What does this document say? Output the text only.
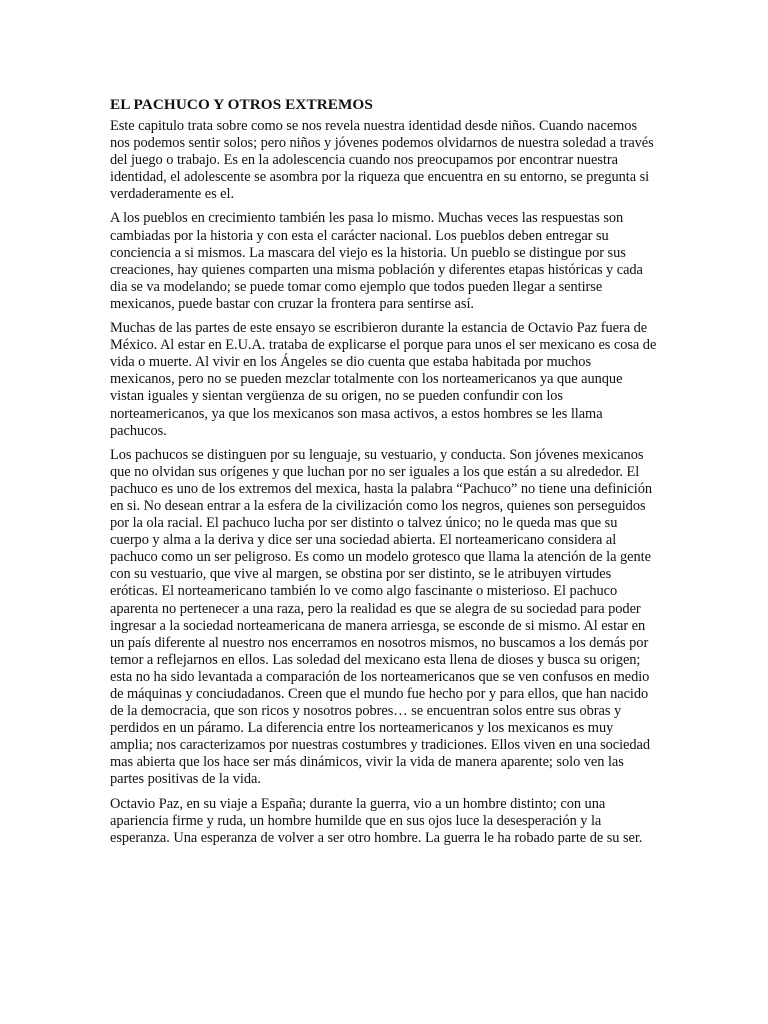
EL PACHUCO Y OTROS EXTREMOS

Este capitulo trata sobre como se nos revela nuestra identidad desde niños. Cuando nacemos nos podemos sentir solos; pero niños y jóvenes podemos olvidarnos de nuestra soledad a través del juego o trabajo. Es en la adolescencia cuando nos preocupamos por encontrar nuestra identidad, el adolescente se asombra por la riqueza que encuentra en su entorno, se pregunta si verdaderamente es el.

A los pueblos en crecimiento también les pasa lo mismo. Muchas veces las respuestas son cambiadas por la historia y con esta el carácter nacional. Los pueblos deben entregar su conciencia a si mismos. La mascara del viejo es la historia. Un pueblo se distingue por sus creaciones, hay quienes comparten una misma población y diferentes etapas históricas y cada dia se va modelando; se puede tomar como ejemplo que todos pueden llegar a sentirse mexicanos, puede bastar con cruzar la frontera para sentirse así.

Muchas de las partes de este ensayo se escribieron durante la estancia de Octavio Paz fuera de México. Al estar en E.U.A. trataba de explicarse el porque para unos el ser mexicano es cosa de vida o muerte. Al vivir en los Ángeles se dio cuenta que estaba habitada por muchos mexicanos, pero no se pueden mezclar totalmente con los norteamericanos ya que aunque vistan iguales y sientan vergüenza de su origen, no se pueden confundir con los norteamericanos, ya que los mexicanos son masa activos, a estos hombres se les llama pachucos.

Los pachucos se distinguen por su lenguaje, su vestuario, y conducta. Son jóvenes mexicanos que no olvidan sus orígenes y que luchan por no ser iguales a los que están a su alrededor. El pachuco es uno de los extremos del mexica, hasta la palabra “Pachuco” no tiene una definición en si. No desean entrar a la esfera de la civilización como los negros, quienes son perseguidos por la ola racial. El pachuco lucha por ser distinto o talvez único; no le queda mas que su cuerpo y alma a la deriva y dice ser una sociedad abierta. El norteamericano considera al pachuco como un ser peligroso. Es como un modelo grotesco que llama la atención de la gente con su vestuario, que vive al margen, se obstina por ser distinto, se le atribuyen virtudes eróticas. El norteamericano también lo ve como algo fascinante o misterioso. El pachuco aparenta no pertenecer a una raza, pero la realidad es que se alegra de su sociedad para poder ingresar a la sociedad norteamericana de manera arriesga, se esconde de si mismo. Al estar en un país diferente al nuestro nos encerramos en nosotros mismos, no buscamos a los demás por temor a reflejarnos en ellos. Las soledad del mexicano esta llena de dioses y busca su origen; esta no ha sido levantada a comparación de los norteamericanos que se ven confusos en medio de máquinas y conciudadanos. Creen que el mundo fue hecho por y para ellos, que han nacido de la democracia, que son ricos y nosotros pobres… se encuentran solos entre sus obras y perdidos en un páramo. La diferencia entre los norteamericanos y los mexicanos es muy amplia; nos caracterizamos por nuestras costumbres y tradiciones. Ellos viven en una sociedad mas abierta que los hace ser más dinámicos, vivir la vida de manera aparente; solo ven las partes positivas de la vida.

Octavio Paz, en su viaje a España; durante la guerra, vio a un hombre distinto; con una apariencia firme y ruda, un hombre humilde que en sus ojos luce la desesperación y la esperanza. Una esperanza de volver a ser otro hombre. La guerra le ha robado parte de su ser.
